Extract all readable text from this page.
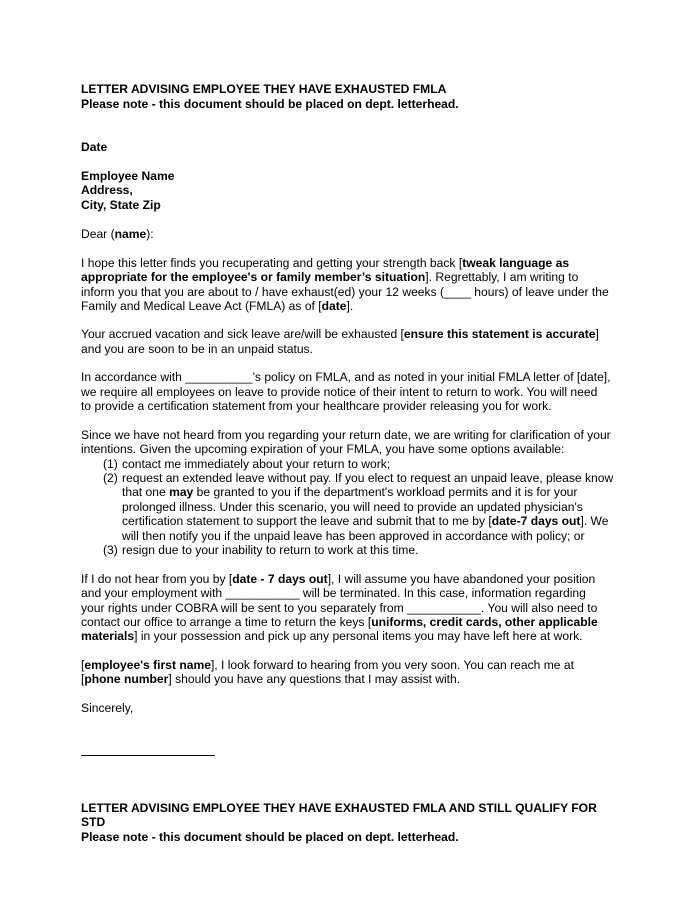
LETTER ADVISING EMPLOYEE THEY HAVE EXHAUSTED FMLA

Please note - this document should be placed on dept. letterhead.

Date

Employee Name

Address,

City, State Zip

Dear (name):

I hope this letter finds you recuperating and getting your strength back [tweak language as

appropriate for the employee's or family member’s situation]. Regrettably, I am writing to

inform you that you are about to / have exhaust(ed) your 12 weeks (____ hours) of leave under the

Family and Medical Leave Act (FMLA) as of [date].

Your accrued vacation and sick leave are/will be exhausted [ensure this statement is accurate]

and you are soon to be in an unpaid status.

In accordance with __________’s policy on FMLA, and as noted in your initial FMLA letter of [date],

we require all employees on leave to provide notice of their intent to return to work. You will need

to provide a certification statement from your healthcare provider releasing you for work.

Since we have not heard from you regarding your return date, we are writing for clarification of your

intentions. Given the upcoming expiration of your FMLA, you have some options available:

(1) contact me immediately about your return to work;
(2) request an extended leave without pay. If you elect to request an unpaid leave, please know
that one may be granted to you if the department's workload permits and it is for your
prolonged illness. Under this scenario, you will need to provide an updated physician's
certification statement to support the leave and submit that to me by [date-7 days out]. We
will then notify you if the unpaid leave has been approved in accordance with policy; or
(3) resign due to your inability to return to work at this time.

If I do not hear from you by [date - 7 days out], I will assume you have abandoned your position

and your employment with ___________ will be terminated. In this case, information regarding

your rights under COBRA will be sent to you separately from ___________. You will also need to

contact our office to arrange a time to return the keys [uniforms, credit cards, other applicable

materials] in your possession and pick up any personal items you may have left here at work.

[employee's first name], I look forward to hearing from you very soon. You can reach me at

[phone number] should you have any questions that I may assist with.

Sincerely,

LETTER ADVISING EMPLOYEE THEY HAVE EXHAUSTED FMLA AND STILL QUALIFY FOR

STD

Please note - this document should be placed on dept. letterhead.
